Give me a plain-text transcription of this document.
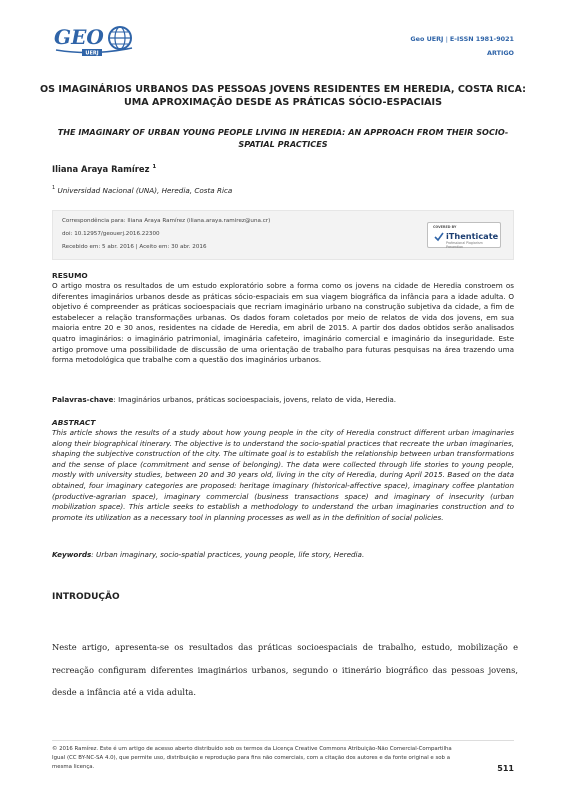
GEO
UERJ
Geo UERJ | E-ISSN 1981-9021
ARTIGO
OS IMAGINÁRIOS URBANOS DAS PESSOAS JOVENS RESIDENTES EM HEREDIA, COSTA RICA: UMA APROXIMAÇÃO DESDE AS PRÁTICAS SÓCIO-ESPACIAIS
THE IMAGINARY OF URBAN YOUNG PEOPLE LIVING IN HEREDIA: AN APPROACH FROM THEIR SOCIO-SPATIAL PRACTICES
Iliana Araya Ramírez $^1$
$^1$ Universidad Nacional (UNA), Heredia, Costa Rica
Correspondência para: Iliana Araya Ramírez (iliana.araya.ramirez@una.cr)
doi: 10.12957/geouerj.2016.22300
Recebido em: 5 abr. 2016 | Aceito em: 30 abr. 2016
COVERED BY
iThenticate
Professional Plagiarism Prevention
RESUMO
O artigo mostra os resultados de um estudo exploratório sobre a forma como os jovens na cidade de Heredia constroem os diferentes imaginários urbanos desde as práticas sócio-espaciais em sua viagem biográfica da infância para a idade adulta. O objetivo é compreender as práticas socioespaciais que recriam imaginário urbano na construção subjetiva da cidade, a fim de estabelecer a relação transformações urbanas. Os dados foram coletados por meio de relatos de vida dos jovens, em sua maioria entre 20 e 30 anos, residentes na cidade de Heredia, em abril de 2015. A partir dos dados obtidos serão analisados quatro imaginários: o imaginário patrimonial, imaginária cafeteiro, imaginário comercial e imaginário da inseguridade. Este artigo promove uma possibilidade de discussão de uma orientação de trabalho para futuras pesquisas na área trazendo uma forma metodológica que trabalhe com a questão dos imaginários urbanos.
Palavras-chave: Imaginários urbanos, práticas socioespaciais, jovens, relato de vida, Heredia.
ABSTRACT
This article shows the results of a study about how young people in the city of Heredia construct different urban imaginaries along their biographical itinerary. The objective is to understand the socio-spatial practices that recreate the urban imaginaries, shaping the subjective construction of the city. The ultimate goal is to establish the relationship between urban transformations and the sense of place (commitment and sense of belonging). The data were collected through life stories to young people, mostly with university studies, between 20 and 30 years old, living in the city of Heredia, during April 2015. Based on the data obtained, four imaginary categories are proposed: heritage imaginary (historical-affective space), imaginary coffee plantation (productive-agrarian space), imaginary commercial (business transactions space) and imaginary of insecurity (urban mobilization space). This article seeks to establish a methodology to understand the urban imaginaries construction and to promote its utilization as a necessary tool in planning processes as well as in the definition of social policies.
Keywords: Urban imaginary, socio-spatial practices, young people, life story, Heredia.
INTRODUÇÃO
Neste artigo, apresenta-se os resultados das práticas socioespaciais de trabalho, estudo, mobilização e recreação configuram diferentes imaginários urbanos, segundo o itinerário biográfico das pessoas jovens, desde a infância até a vida adulta.
© 2016 Ramírez. Este é um artigo de acesso aberto distribuído sob os termos da Licença Creative Commons Atribuição-Não Comercial-Compartilha Igual (CC BY-NC-SA 4.0), que permite uso, distribuição e reprodução para fins não comerciais, com a citação dos autores e da fonte original e sob a mesma licença.	511
